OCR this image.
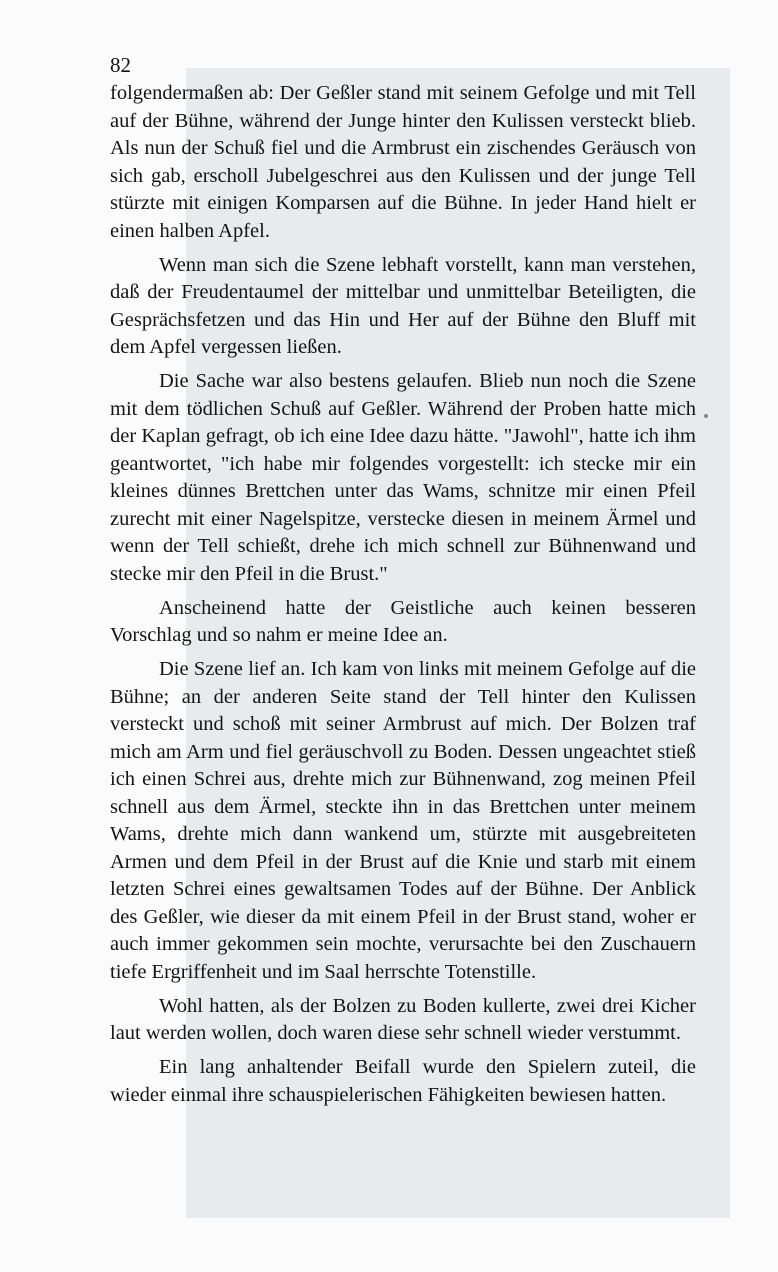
82

folgendermaßen ab: Der Geßler stand mit seinem Gefolge und mit Tell auf der Bühne, während der Junge hinter den Kulissen versteckt blieb. Als nun der Schuß fiel und die Armbrust ein zischendes Geräusch von sich gab, erscholl Jubelgeschrei aus den Kulissen und der junge Tell stürzte mit einigen Komparsen auf die Bühne. In jeder Hand hielt er einen halben Apfel.

Wenn man sich die Szene lebhaft vorstellt, kann man verstehen, daß der Freudentaumel der mittelbar und unmittelbar Beteiligten, die Gesprächsfetzen und das Hin und Her auf der Bühne den Bluff mit dem Apfel vergessen ließen.

Die Sache war also bestens gelaufen. Blieb nun noch die Szene mit dem tödlichen Schuß auf Geßler. Während der Proben hatte mich der Kaplan gefragt, ob ich eine Idee dazu hätte. "Jawohl", hatte ich ihm geantwortet, "ich habe mir folgendes vorgestellt: ich stecke mir ein kleines dünnes Brettchen unter das Wams, schnitze mir einen Pfeil zurecht mit einer Nagelspitze, verstecke diesen in meinem Ärmel und wenn der Tell schießt, drehe ich mich schnell zur Bühnenwand und stecke mir den Pfeil in die Brust."

Anscheinend hatte der Geistliche auch keinen besseren Vorschlag und so nahm er meine Idee an.

Die Szene lief an. Ich kam von links mit meinem Gefolge auf die Bühne; an der anderen Seite stand der Tell hinter den Kulissen versteckt und schoß mit seiner Armbrust auf mich. Der Bolzen traf mich am Arm und fiel geräuschvoll zu Boden. Dessen ungeachtet stieß ich einen Schrei aus, drehte mich zur Bühnenwand, zog meinen Pfeil schnell aus dem Ärmel, steckte ihn in das Brettchen unter meinem Wams, drehte mich dann wankend um, stürzte mit ausgebreiteten Armen und dem Pfeil in der Brust auf die Knie und starb mit einem letzten Schrei eines gewaltsamen Todes auf der Bühne. Der Anblick des Geßler, wie dieser da mit einem Pfeil in der Brust stand, woher er auch immer gekommen sein mochte, verursachte bei den Zuschauern tiefe Ergriffenheit und im Saal herrschte Totenstille.

Wohl hatten, als der Bolzen zu Boden kullerte, zwei drei Kicher laut werden wollen, doch waren diese sehr schnell wieder verstummt.

Ein lang anhaltender Beifall wurde den Spielern zuteil, die wieder einmal ihre schauspielerischen Fähigkeiten bewiesen hatten.
